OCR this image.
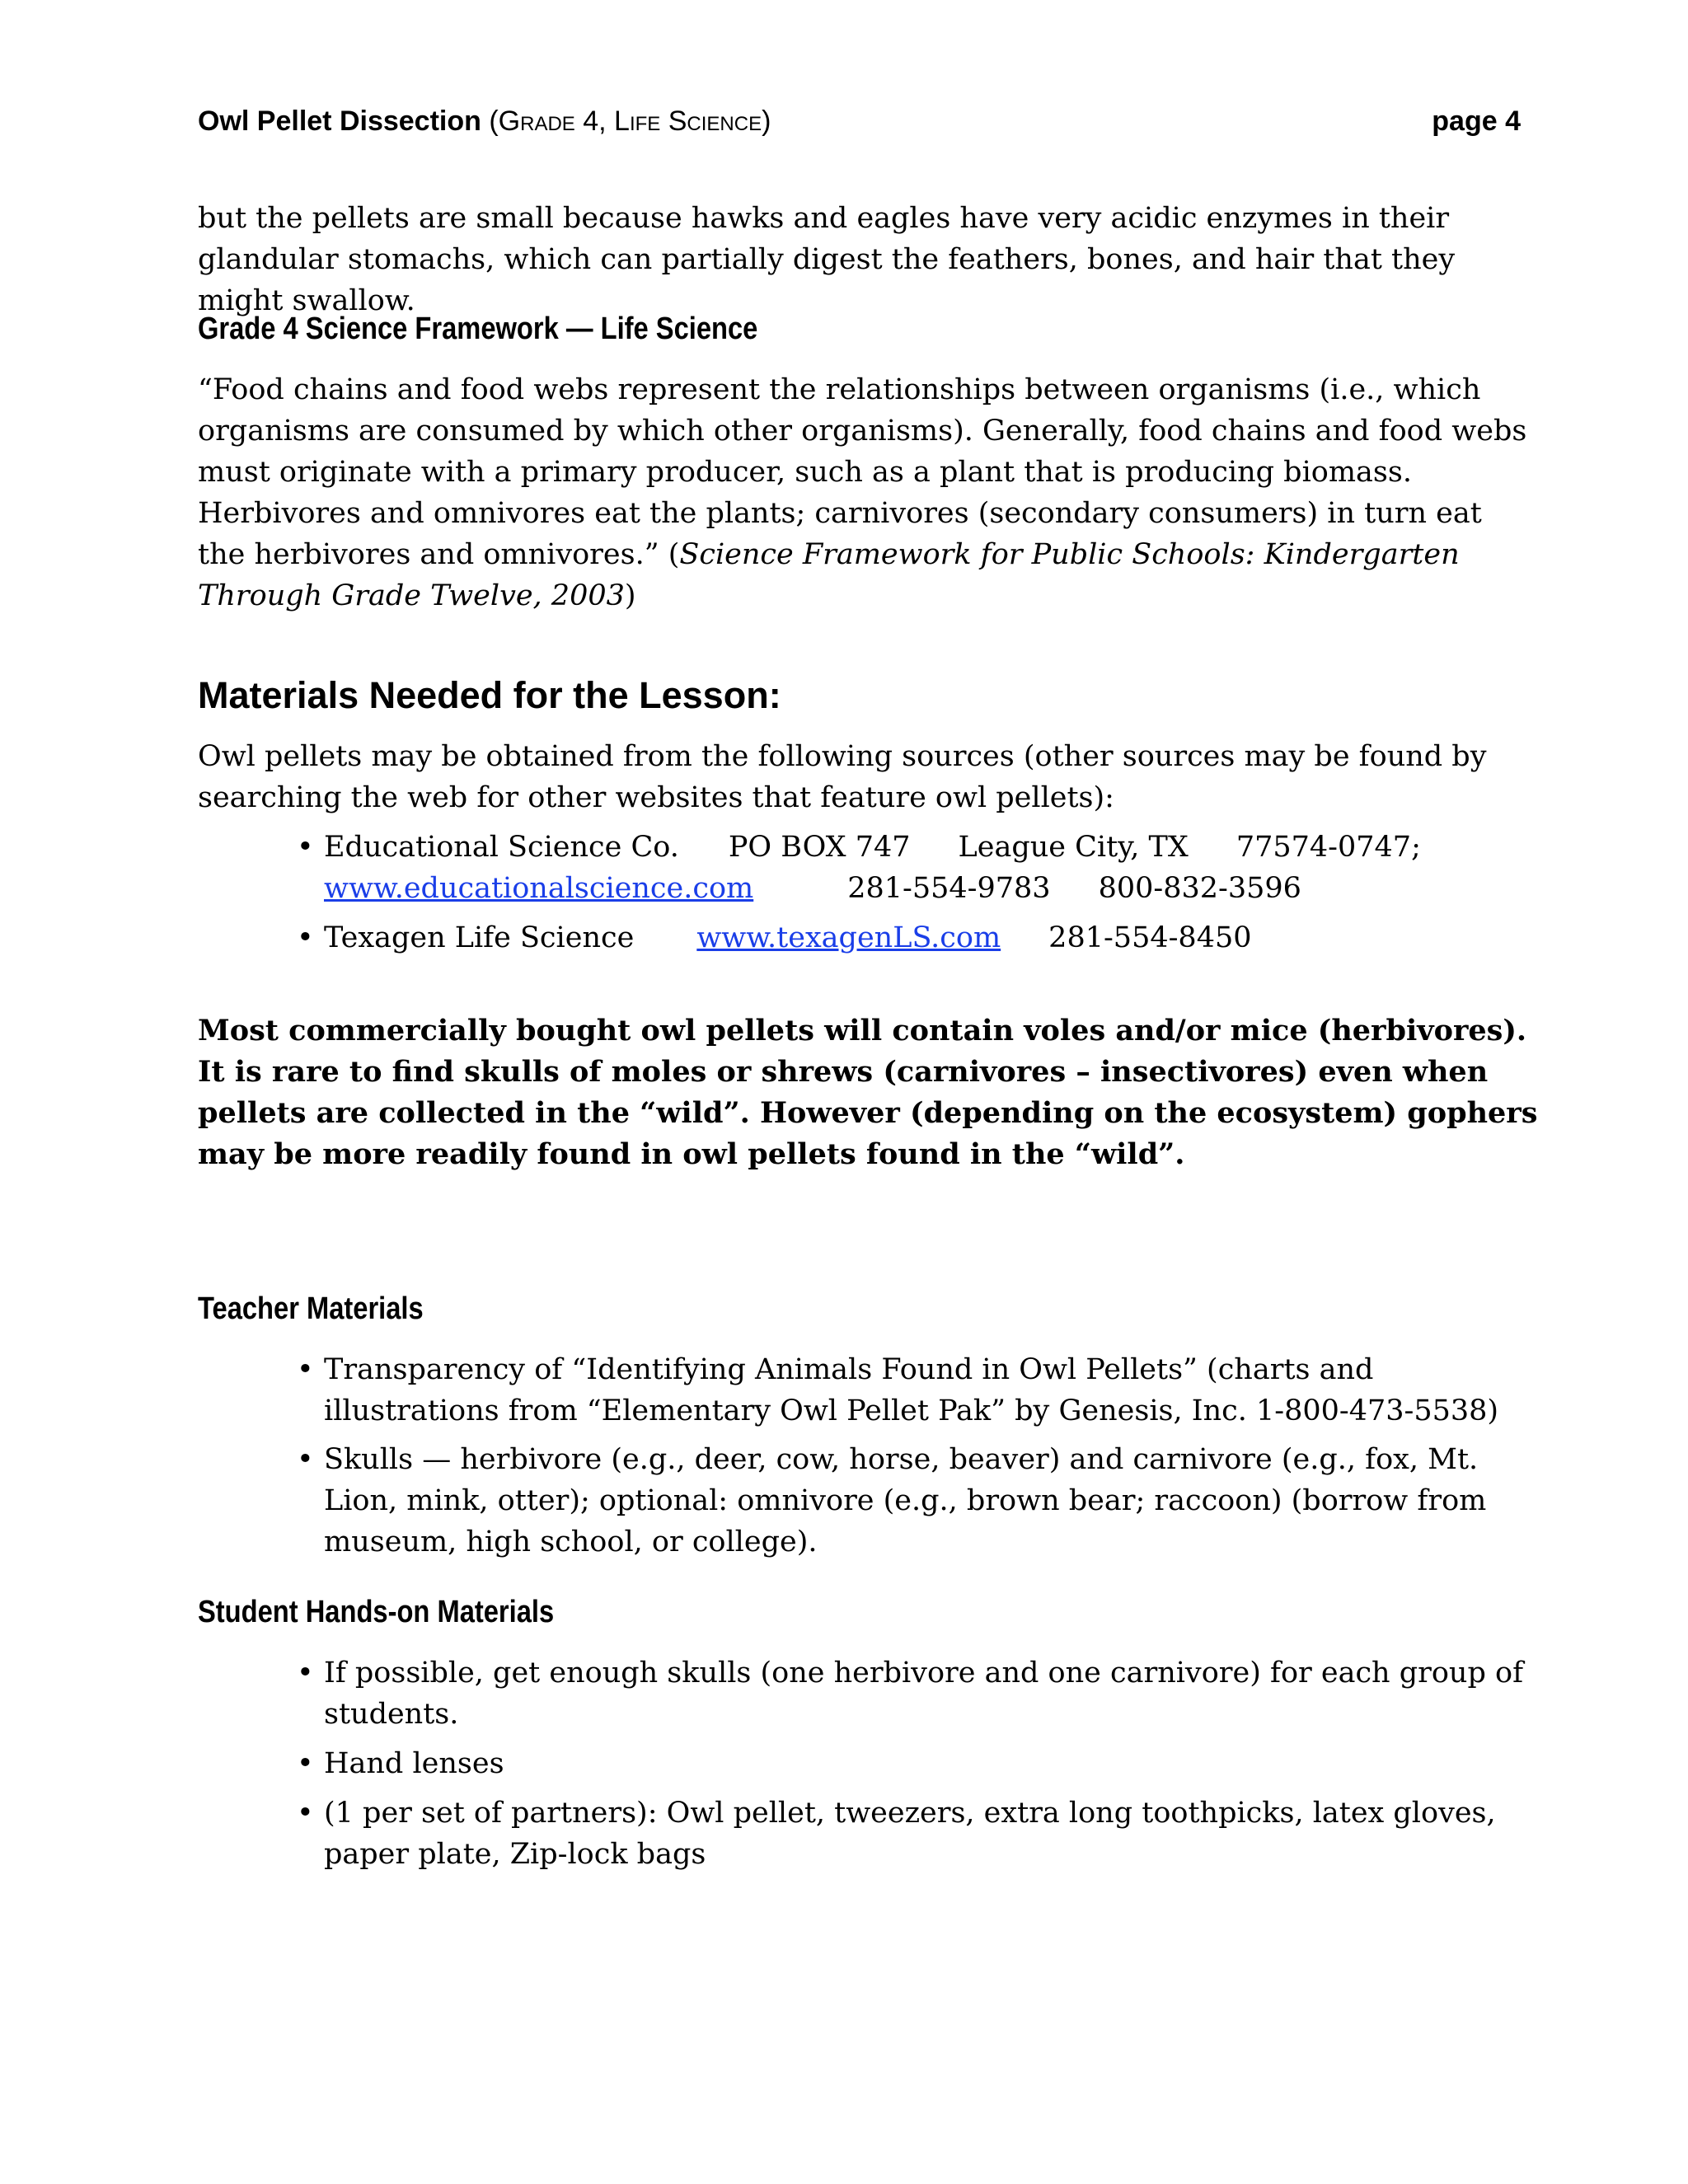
Owl Pellet Dissection (Grade 4, Life Science)	page 4

but the pellets are small because hawks and eagles have very acidic enzymes in their glandular stomachs, which can partially digest the feathers, bones, and hair that they might swallow.

Grade 4 Science Framework — Life Science

“Food chains and food webs represent the relationships between organisms (i.e., which organisms are consumed by which other organisms). Generally, food chains and food webs must originate with a primary producer, such as a plant that is producing biomass. Herbivores and omnivores eat the plants; carnivores (secondary consumers) in turn eat the herbivores and omnivores.” (Science Framework for Public Schools: Kindergarten Through Grade Twelve, 2003)

Materials Needed for the Lesson:

Owl pellets may be obtained from the following sources (other sources may be found by searching the web for other websites that feature owl pellets):

• Educational Science Co. PO BOX 747 League City, TX 77574-0747;
www.educationalscience.com	281-554-9783 800-832-3596
• Texagen Life Science www.texagenLS.com 281-554-8450

Most commercially bought owl pellets will contain voles and/or mice (herbivores). It is rare to find skulls of moles or shrews (carnivores – insectivores) even when pellets are collected in the “wild”. However (depending on the ecosystem) gophers may be more readily found in owl pellets found in the “wild”.

Teacher Materials
• Transparency of “Identifying Animals Found in Owl Pellets” (charts and illustrations from “Elementary Owl Pellet Pak” by Genesis, Inc. 1-800-473-5538)
• Skulls — herbivore (e.g., deer, cow, horse, beaver) and carnivore (e.g., fox, Mt. Lion, mink, otter); optional: omnivore (e.g., brown bear; raccoon) (borrow from museum, high school, or college).
Student Hands-on Materials
• If possible, get enough skulls (one herbivore and one carnivore) for each group of students.
• Hand lenses
• (1 per set of partners): Owl pellet, tweezers, extra long toothpicks, latex gloves, paper plate, Zip-lock bags
